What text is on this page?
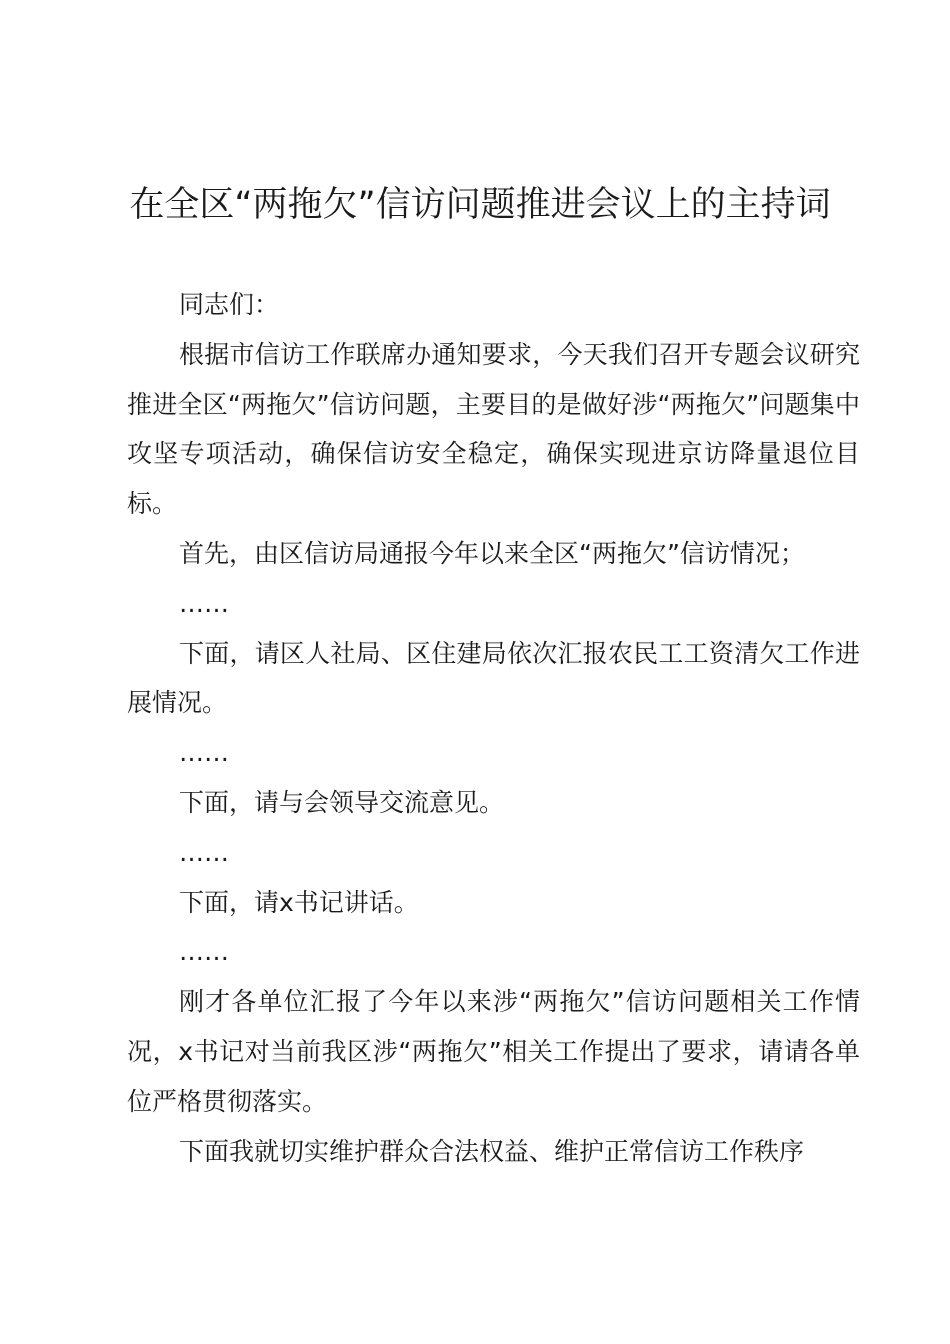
在全区“两拖欠”信访问题推进会议上的主持词

同志们：

根据市信访工作联席办通知要求，今天我们召开专题会议研究推进全区“两拖欠”信访问题，主要目的是做好涉“两拖欠”问题集中攻坚专项活动，确保信访安全稳定，确保实现进京访降量退位目标。

首先，由区信访局通报今年以来全区“两拖欠”信访情况；

……

下面，请区人社局、区住建局依次汇报农民工工资清欠工作进展情况。

……

下面，请与会领导交流意见。

……

下面，请x书记讲话。

……

刚才各单位汇报了今年以来涉“两拖欠”信访问题相关工作情况，x书记对当前我区涉“两拖欠”相关工作提出了要求，请请各单位严格贯彻落实。

下面我就切实维护群众合法权益、维护正常信访工作秩序
